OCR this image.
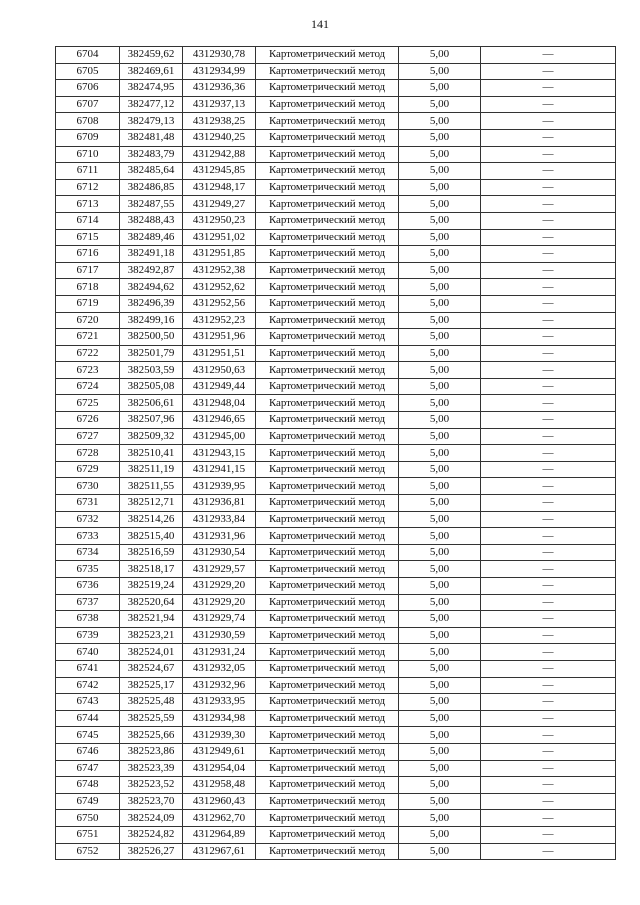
141
6704	382459,62	4312930,78	Картометрический метод	5,00	—
6705	382469,61	4312934,99	Картометрический метод	5,00	—
6706	382474,95	4312936,36	Картометрический метод	5,00	—
6707	382477,12	4312937,13	Картометрический метод	5,00	—
6708	382479,13	4312938,25	Картометрический метод	5,00	—
6709	382481,48	4312940,25	Картометрический метод	5,00	—
6710	382483,79	4312942,88	Картометрический метод	5,00	—
6711	382485,64	4312945,85	Картометрический метод	5,00	—
6712	382486,85	4312948,17	Картометрический метод	5,00	—
6713	382487,55	4312949,27	Картометрический метод	5,00	—
6714	382488,43	4312950,23	Картометрический метод	5,00	—
6715	382489,46	4312951,02	Картометрический метод	5,00	—
6716	382491,18	4312951,85	Картометрический метод	5,00	—
6717	382492,87	4312952,38	Картометрический метод	5,00	—
6718	382494,62	4312952,62	Картометрический метод	5,00	—
6719	382496,39	4312952,56	Картометрический метод	5,00	—
6720	382499,16	4312952,23	Картометрический метод	5,00	—
6721	382500,50	4312951,96	Картометрический метод	5,00	—
6722	382501,79	4312951,51	Картометрический метод	5,00	—
6723	382503,59	4312950,63	Картометрический метод	5,00	—
6724	382505,08	4312949,44	Картометрический метод	5,00	—
6725	382506,61	4312948,04	Картометрический метод	5,00	—
6726	382507,96	4312946,65	Картометрический метод	5,00	—
6727	382509,32	4312945,00	Картометрический метод	5,00	—
6728	382510,41	4312943,15	Картометрический метод	5,00	—
6729	382511,19	4312941,15	Картометрический метод	5,00	—
6730	382511,55	4312939,95	Картометрический метод	5,00	—
6731	382512,71	4312936,81	Картометрический метод	5,00	—
6732	382514,26	4312933,84	Картометрический метод	5,00	—
6733	382515,40	4312931,96	Картометрический метод	5,00	—
6734	382516,59	4312930,54	Картометрический метод	5,00	—
6735	382518,17	4312929,57	Картометрический метод	5,00	—
6736	382519,24	4312929,20	Картометрический метод	5,00	—
6737	382520,64	4312929,20	Картометрический метод	5,00	—
6738	382521,94	4312929,74	Картометрический метод	5,00	—
6739	382523,21	4312930,59	Картометрический метод	5,00	—
6740	382524,01	4312931,24	Картометрический метод	5,00	—
6741	382524,67	4312932,05	Картометрический метод	5,00	—
6742	382525,17	4312932,96	Картометрический метод	5,00	—
6743	382525,48	4312933,95	Картометрический метод	5,00	—
6744	382525,59	4312934,98	Картометрический метод	5,00	—
6745	382525,66	4312939,30	Картометрический метод	5,00	—
6746	382523,86	4312949,61	Картометрический метод	5,00	—
6747	382523,39	4312954,04	Картометрический метод	5,00	—
6748	382523,52	4312958,48	Картометрический метод	5,00	—
6749	382523,70	4312960,43	Картометрический метод	5,00	—
6750	382524,09	4312962,70	Картометрический метод	5,00	—
6751	382524,82	4312964,89	Картометрический метод	5,00	—
6752	382526,27	4312967,61	Картометрический метод	5,00	—
